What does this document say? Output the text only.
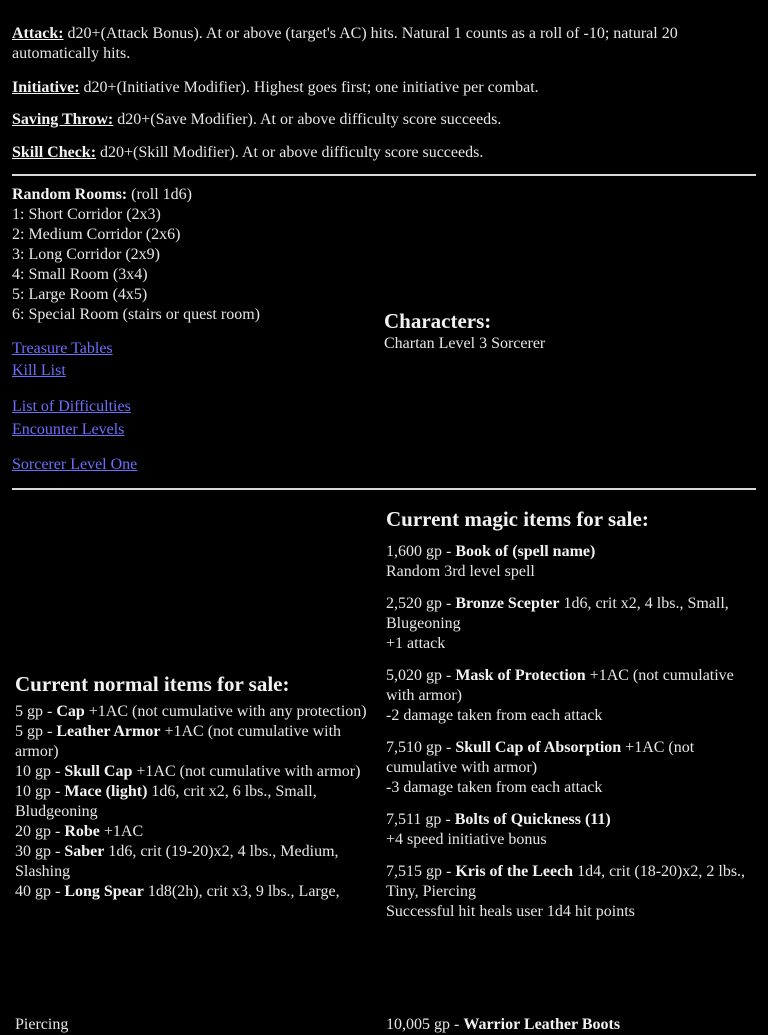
Attack: d20+(Attack Bonus). At or above (target's AC) hits. Natural 1 counts as a roll of -10; natural 20 automatically hits.
Initiative: d20+(Initiative Modifier). Highest goes first; one initiative per combat.
Saving Throw: d20+(Save Modifier). At or above difficulty score succeeds.
Skill Check: d20+(Skill Modifier). At or above difficulty score succeeds.
Random Rooms: (roll 1d6)
1: Short Corridor (2x3)
2: Medium Corridor (2x6)
3: Long Corridor (2x9)
4: Small Room (3x4)
5: Large Room (4x5)
6: Special Room (stairs or quest room)
Treasure Tables
Kill List
List of Difficulties
Encounter Levels
Sorcerer Level One
Characters:
Chartan Level 3 Sorcerer
Current magic items for sale:
1,600 gp - Book of (spell name)
Random 3rd level spell
2,520 gp - Bronze Scepter 1d6, crit x2, 4 lbs., Small, Blugeoning
+1 attack
5,020 gp - Mask of Protection +1AC (not cumulative with armor)
-2 damage taken from each attack
7,510 gp - Skull Cap of Absorption +1AC (not cumulative with armor)
-3 damage taken from each attack
7,511 gp - Bolts of Quickness (11)
+4 speed initiative bonus
7,515 gp - Kris of the Leech 1d4, crit (18-20)x2, 2 lbs., Tiny, Piercing
Successful hit heals user 1d4 hit points
Current normal items for sale:
5 gp - Cap +1AC (not cumulative with any protection)
5 gp - Leather Armor +1AC (not cumulative with armor)
10 gp - Skull Cap +1AC (not cumulative with armor)
10 gp - Mace (light) 1d6, crit x2, 6 lbs., Small, Bludgeoning
20 gp - Robe +1AC
30 gp - Saber 1d6, crit (19-20)x2, 4 lbs., Medium, Slashing
40 gp - Long Spear 1d8(2h), crit x3, 9 lbs., Large,
Piercing	10,005 gp - Warrior Leather Boots
